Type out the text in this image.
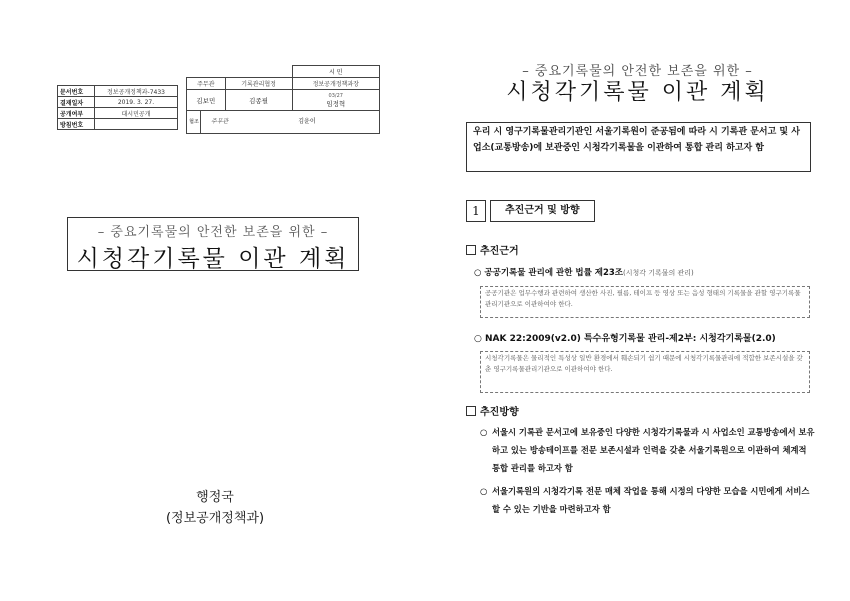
문서번호	정보공개정책과-7433
결재일자	2019. 3. 27.
공개여부	대시민공개
방침번호	
		시 민
주무관	기록관리협정	정보공개정책과장
김보민	김종필	03/27
임정혁

협조 주무관 김윤이		
– 중요기록물의 안전한 보존을 위한 –
시청각기록물 이관 계획
행정국
(정보공개정책과)
– 중요기록물의 안전한 보존을 위한 –
시청각기록물 이관 계획
우리 시 영구기록물관리기관인 서울기록원이 준공됨에 따라 시 기록관 문서고 및 사업소(교통방송)에 보관중인 시청각기록물을 이관하여 통합 관리 하고자 함
1	추진근거 및 방향
추진근거
○ 공공기록물 관리에 관한 법률 제23조(시청각 기록물의 관리)
공공기관은 업무수행과 관련하여 생산한 사진, 필름, 테이프 등 영상 또는 음성 형태의 기록물을 관할 영구기록물관리기관으로 이관하여야 한다.
○ NAK 22:2009(v2.0) 특수유형기록물 관리-제2부: 시청각기록물(2.0)
시청각기록물은 물리적인 특성상 일반 환경에서 훼손되기 쉽기 때문에 시청각기록물관리에 적합한 보존시설을 갖춘 영구기록물관리기관으로 이관하여야 한다.
추진방향
○ 서울시 기록관 문서고에 보유중인 다양한 시청각기록물과 시 사업소인 교통방송에서 보유하고 있는 방송테이프를 전문 보존시설과 인력을 갖춘 서울기록원으로 이관하여 체계적 통합 관리를 하고자 함
○ 서울기록원의 시청각기록 전문 매체 작업을 통해 시정의 다양한 모습을 시민에게 서비스 할 수 있는 기반을 마련하고자 함
